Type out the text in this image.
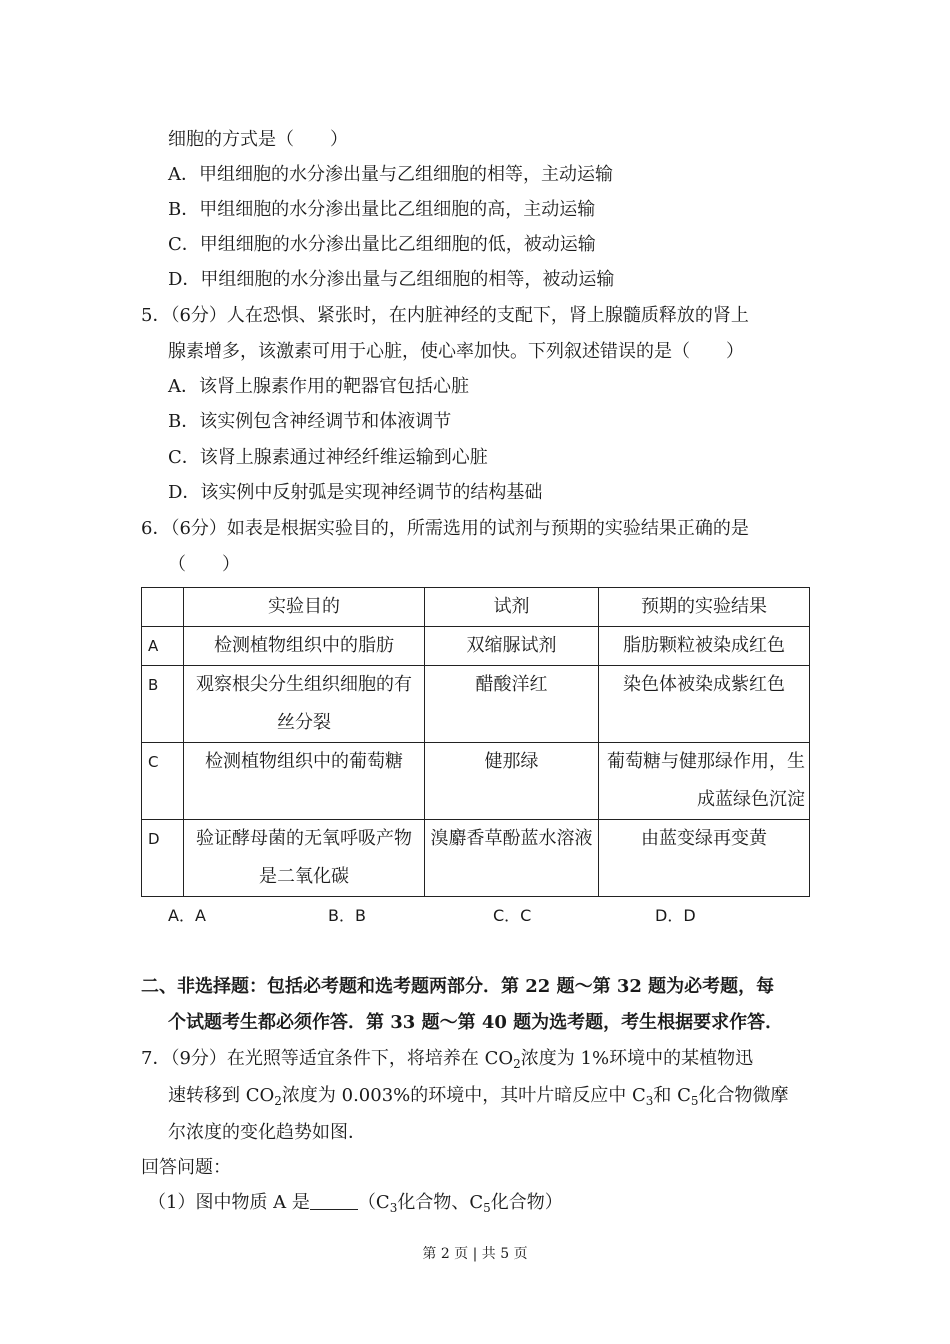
细胞的方式是（　　）
A．甲组细胞的水分渗出量与乙组细胞的相等，主动运输
B．甲组细胞的水分渗出量比乙组细胞的高，主动运输
C．甲组细胞的水分渗出量比乙组细胞的低，被动运输
D．甲组细胞的水分渗出量与乙组细胞的相等，被动运输
5．（6分）人在恐惧、紧张时，在内脏神经的支配下，肾上腺髓质释放的肾上
腺素增多，该激素可用于心脏，使心率加快。下列叙述错误的是（　　）
A．该肾上腺素作用的靶器官包括心脏
B．该实例包含神经调节和体液调节
C．该肾上腺素通过神经纤维运输到心脏
D．该实例中反射弧是实现神经调节的结构基础
6．（6分）如表是根据实验目的，所需选用的试剂与预期的实验结果正确的是
（　　）
	实验目的	试剂	预期的实验结果
A	检测植物组织中的脂肪	双缩脲试剂	脂肪颗粒被染成红色
B	观察根尖分生组织细胞的有丝分裂	醋酸洋红	染色体被染成紫红色
C	检测植物组织中的葡萄糖	健那绿	葡萄糖与健那绿作用，生成蓝绿色沉淀
D	验证酵母菌的无氧呼吸产物是二氧化碳	溴麝香草酚蓝水溶液	由蓝变绿再变黄
A．A	B．B	C．C	D．D
二、非选择题：包括必考题和选考题两部分．第 22 题～第 32 题为必考题，每
个试题考生都必须作答．第 33 题～第 40 题为选考题，考生根据要求作答．
7．（9分）在光照等适宜条件下，将培养在 $CO_2$浓度为 1%环境中的某植物迅
速转移到 $CO_2$浓度为 0.003%的环境中，其叶片暗反应中 $C_3$和 $C_5$化合物微摩
尔浓度的变化趋势如图．
回答问题：
（1）图中物质 A 是	（$C_3$化合物、$C_5$化合物）
第 2 页 | 共 5 页
